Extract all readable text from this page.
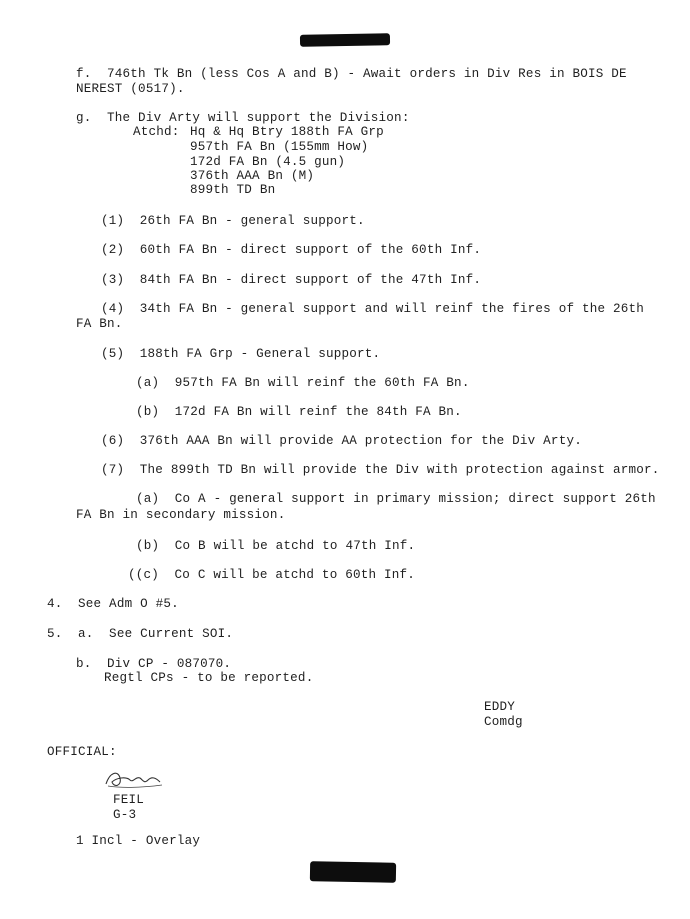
f.  746th Tk Bn (less Cos A and B) - Await orders in Div Res in BOIS DE
NEREST (0517).
g.  The Div Arty will support the Division:
Atchd: Hq & Hq Btry 188th FA Grp
957th FA Bn (155mm How)
172d FA Bn (4.5 gun)
376th AAA Bn (M)
899th TD Bn
(1)  26th FA Bn - general support.
(2)  60th FA Bn - direct support of the 60th Inf.
(3)  84th FA Bn - direct support of the 47th Inf.
(4)  34th FA Bn - general support and will reinf the fires of the 26th
FA Bn.
(5)  188th FA Grp - General support.
(a)  957th FA Bn will reinf the 60th FA Bn.
(b)  172d FA Bn will reinf the 84th FA Bn.
(6)  376th AAA Bn will provide AA protection for the Div Arty.
(7)  The 899th TD Bn will provide the Div with protection against armor.
(a)  Co A - general support in primary mission; direct support 26th
FA Bn in secondary mission.
(b)  Co B will be atchd to 47th Inf.
((c)  Co C will be atchd to 60th Inf.
4.  See Adm O #5.
5.  a.  See Current SOI.
b.  Div CP - 087070.
Regtl CPs - to be reported.
EDDY
Comdg
OFFICIAL:
FEIL
G-3
1 Incl - Overlay
